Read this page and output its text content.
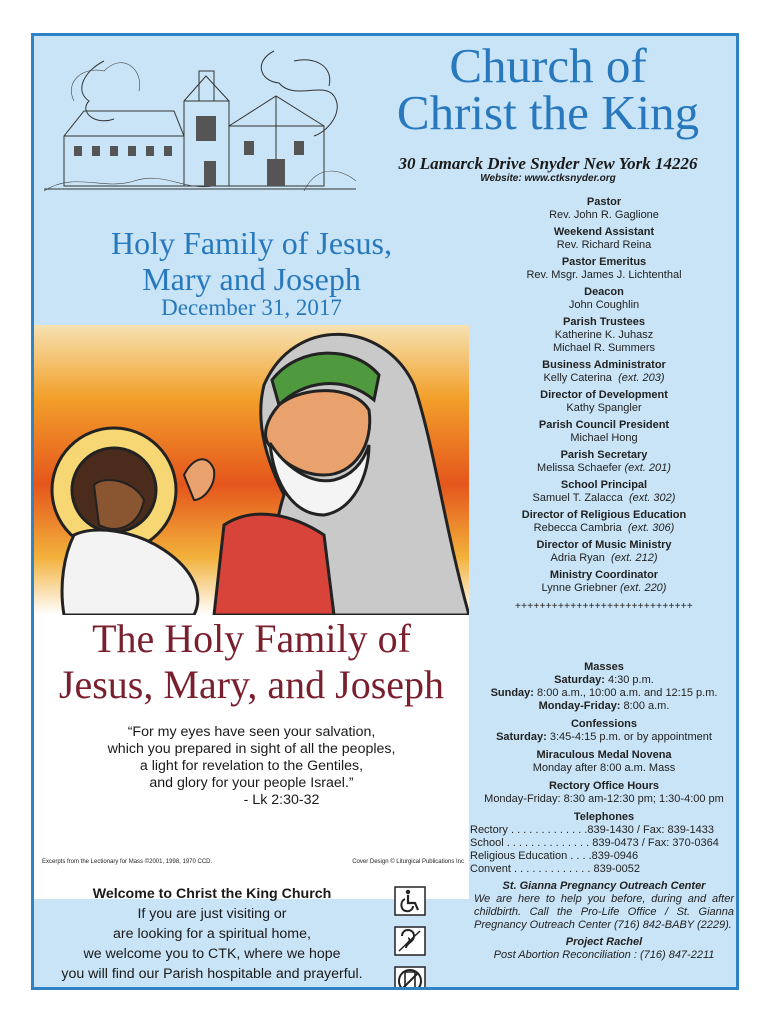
Church of
Christ the King
30 Lamarck Drive Snyder New York 14226
Website: www.ctksnyder.org
Holy Family of Jesus,
Mary and Joseph
December 31, 2017
The Holy Family of
Jesus, Mary, and Joseph
“For my eyes have seen your salvation,
which you prepared in sight of all the peoples,
a light for revelation to the Gentiles,
and glory for your people Israel.”
- Lk 2:30-32
Excerpts from the Lectionary for Mass ©2001, 1998, 1970 CCD.	Cover Design © Liturgical Publications Inc
Welcome to Christ the King Church
If you are just visiting or
are looking for a spiritual home,
we welcome you to CTK, where we hope
you will find our Parish hospitable and prayerful.
Pastor
Rev. John R. Gaglione
Weekend Assistant
Rev. Richard Reina
Pastor Emeritus
Rev. Msgr. James J. Lichtenthal
Deacon
John Coughlin
Parish Trustees
Katherine K. Juhasz
Michael R. Summers
Business Administrator
Kelly Caterina (ext. 203)
Director of Development
Kathy Spangler
Parish Council President
Michael Hong
Parish Secretary
Melissa Schaefer (ext. 201)
School Principal
Samuel T. Zalacca (ext. 302)
Director of Religious Education
Rebecca Cambria (ext. 306)
Director of Music Ministry
Adria Ryan (ext. 212)
Ministry Coordinator
Lynne Griebner (ext. 220)
+++++++++++++++++++++++++++++
Masses
Saturday: 4:30 p.m.
Sunday: 8:00 a.m., 10:00 a.m. and 12:15 p.m.
Monday-Friday: 8:00 a.m.
Confessions
Saturday: 3:45-4:15 p.m. or by appointment
Miraculous Medal Novena
Monday after 8:00 a.m. Mass
Rectory Office Hours
Monday-Friday: 8:30 am-12:30 pm; 1:30-4:00 pm
Telephones
Rectory . . . . . . . . . . . . .839-1430 / Fax: 839-1433
School . . . . . . . . . . . . . . 839-0473 / Fax: 370-0364
Religious Education . . . .839-0946
Convent . . . . . . . . . . . . . 839-0052
St. Gianna Pregnancy Outreach Center
We are here to help you before, during and after childbirth. Call the Pro-Life Office / St. Gianna Pregnancy Outreach Center (716) 842-BABY (2229).
Project Rachel
Post Abortion Reconciliation : (716) 847-2211
